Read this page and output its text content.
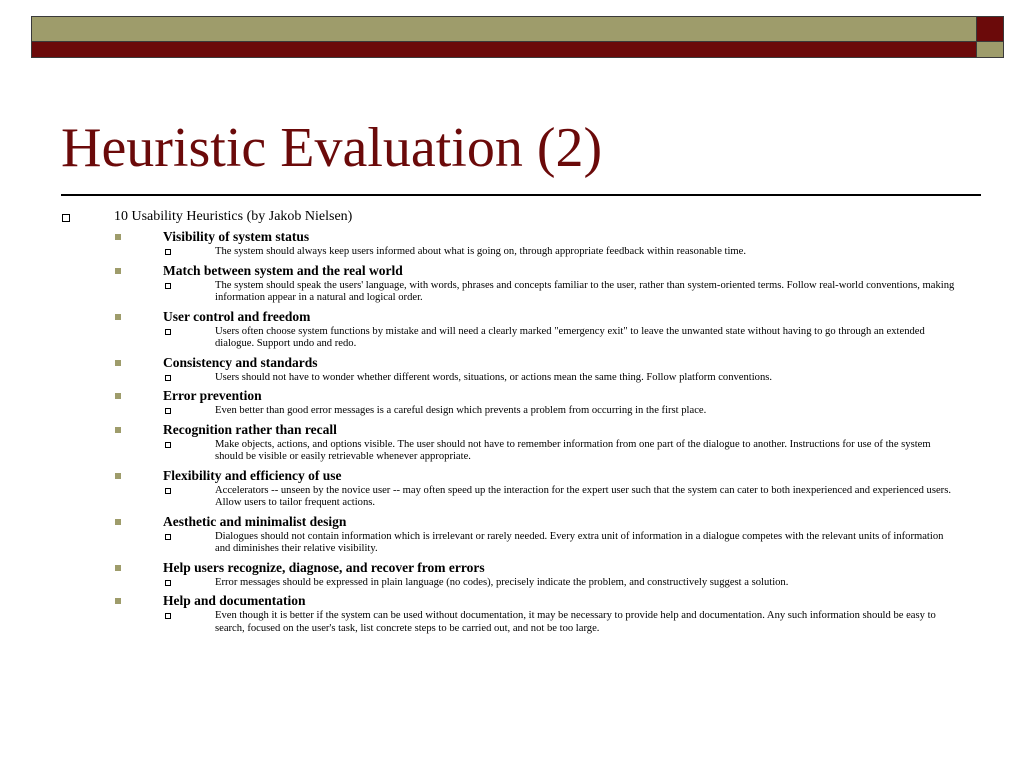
Heuristic Evaluation (2)
10 Usability Heuristics (by Jakob Nielsen)
Visibility of system status
The system should always keep users informed about what is going on, through appropriate feedback within reasonable time.
Match between system and the real world
The system should speak the users' language, with words, phrases and concepts familiar to the user, rather than system-oriented terms. Follow real-world conventions, making information appear in a natural and logical order.
User control and freedom
Users often choose system functions by mistake and will need a clearly marked "emergency exit" to leave the unwanted state without having to go through an extended dialogue. Support undo and redo.
Consistency and standards
Users should not have to wonder whether different words, situations, or actions mean the same thing. Follow platform conventions.
Error prevention
Even better than good error messages is a careful design which prevents a problem from occurring in the first place.
Recognition rather than recall
Make objects, actions, and options visible. The user should not have to remember information from one part of the dialogue to another. Instructions for use of the system should be visible or easily retrievable whenever appropriate.
Flexibility and efficiency of use
Accelerators -- unseen by the novice user -- may often speed up the interaction for the expert user such that the system can cater to both inexperienced and experienced users. Allow users to tailor frequent actions.
Aesthetic and minimalist design
Dialogues should not contain information which is irrelevant or rarely needed. Every extra unit of information in a dialogue competes with the relevant units of information and diminishes their relative visibility.
Help users recognize, diagnose, and recover from errors
Error messages should be expressed in plain language (no codes), precisely indicate the problem, and constructively suggest a solution.
Help and documentation
Even though it is better if the system can be used without documentation, it may be necessary to provide help and documentation. Any such information should be easy to search, focused on the user's task, list concrete steps to be carried out, and not be too large.
